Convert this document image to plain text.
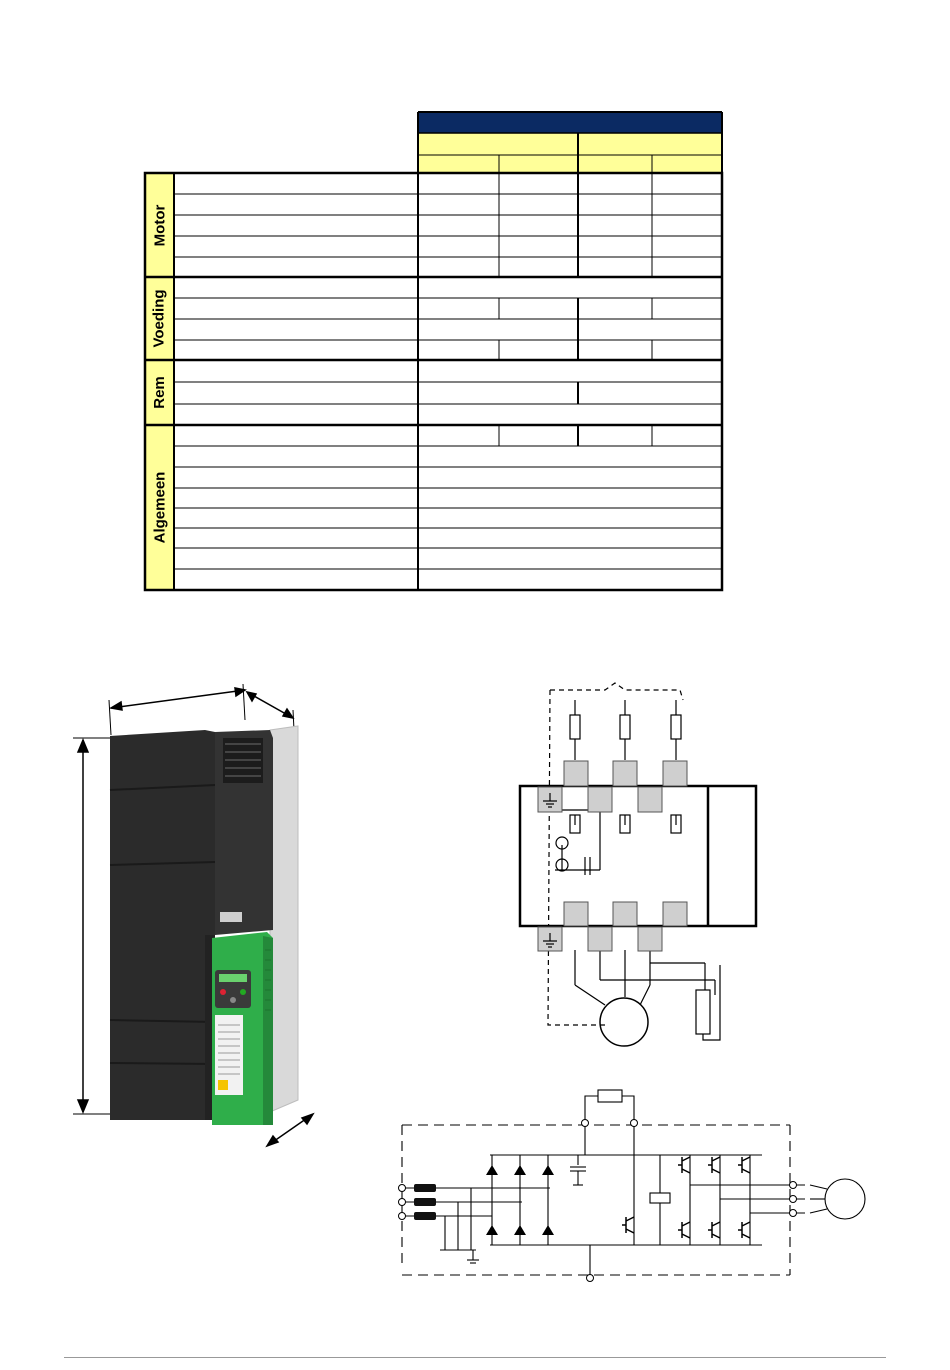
Motor
Voeding
Rem
Algemeen
